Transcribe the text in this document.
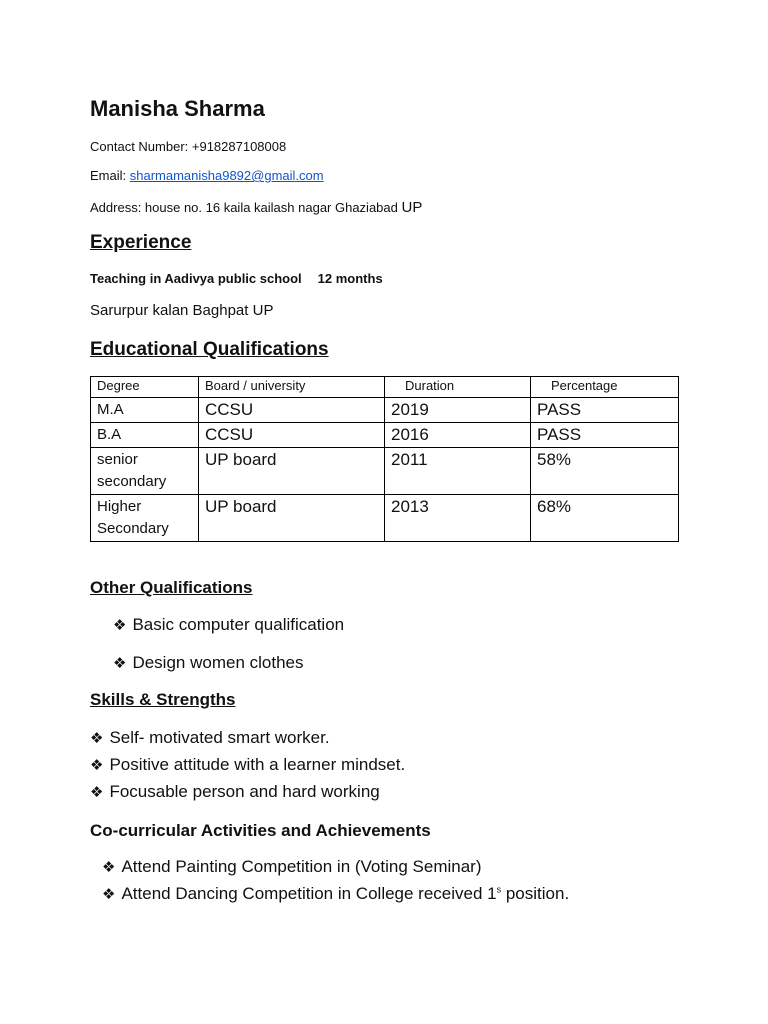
Manisha Sharma
Contact Number: +918287108008
Email: sharmamanisha9892@gmail.com
Address: house no. 16 kaila kailash nagar Ghaziabad UP
Experience
Teaching in Aadivya public school 12 months
Sarurpur kalan Baghpat UP
Educational Qualifications
Degree	Board / university	Duration	Percentage
M.A	CCSU	2019	PASS
B.A	CCSU	2016	PASS

senior
secondary	UP board	2011	58%

Higher
Secondary	UP board	2013	68%
Other Qualifications
❖ Basic computer qualification
❖ Design women clothes
Skills & Strengths
❖ Self- motivated smart worker.
❖ Positive attitude with a learner mindset.
❖ Focusable person and hard working
Co-curricular Activities and Achievements
❖ Attend Painting Competition in (Voting Seminar)
❖ Attend Dancing Competition in College received 1$^s$ position.
